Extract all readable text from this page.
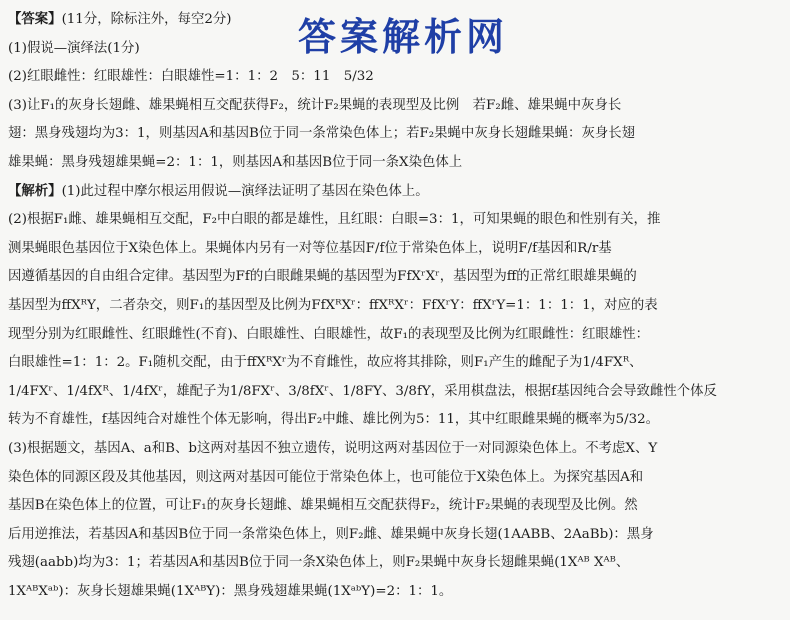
【答案】(11分，除标注外，每空2分)
(1)假说—演绎法(1分)
(2)红眼雌性：红眼雄性：白眼雄性=1：1：2　5：11　5/32
(3)让F₁的灰身长翅雌、雄果蝇相互交配获得F₂，统计F₂果蝇的表现型及比例　若F₂雌、雄果蝇中灰身长
翅：黑身残翅均为3：1，则基因A和基因B位于同一条常染色体上；若F₂果蝇中灰身长翅雌果蝇：灰身长翅
雄果蝇：黑身残翅雄果蝇=2：1：1，则基因A和基因B位于同一条X染色体上
【解析】(1)此过程中摩尔根运用假说—演绎法证明了基因在染色体上。
(2)根据F₁雌、雄果蝇相互交配，F₂中白眼的都是雄性，且红眼：白眼=3：1，可知果蝇的眼色和性别有关，推
测果蝇眼色基因位于X染色体上。果蝇体内另有一对等位基因F/f位于常染色体上，说明F/f基因和R/r基
因遵循基因的自由组合定律。基因型为Ff的白眼雌果蝇的基因型为FfXʳXʳ，基因型为ff的正常红眼雄果蝇的
基因型为ffXᴿY，二者杂交，则F₁的基因型及比例为FfXᴿXʳ：ffXᴿXʳ：FfXʳY：ffXʳY=1：1：1：1，对应的表
现型分别为红眼雌性、红眼雌性(不育)、白眼雄性、白眼雄性，故F₁的表现型及比例为红眼雌性：红眼雄性：
白眼雄性=1：1：2。F₁随机交配，由于ffXᴿXʳ为不育雌性，故应将其排除，则F₁产生的雌配子为1/4FXᴿ、
1/4FXʳ、1/4fXᴿ、1/4fXʳ，雄配子为1/8FXʳ、3/8fXʳ、1/8FY、3/8fY，采用棋盘法，根据f基因纯合会导致雌性个体反
转为不育雄性，f基因纯合对雄性个体无影响，得出F₂中雌、雄比例为5：11，其中红眼雌果蝇的概率为5/32。
(3)根据题文，基因A、a和B、b这两对基因不独立遗传，说明这两对基因位于一对同源染色体上。不考虑X、Y
染色体的同源区段及其他基因，则这两对基因可能位于常染色体上，也可能位于X染色体上。为探究基因A和
基因B在染色体上的位置，可让F₁的灰身长翅雌、雄果蝇相互交配获得F₂，统计F₂果蝇的表现型及比例。然
后用逆推法，若基因A和基因B位于同一条常染色体上，则F₂雌、雄果蝇中灰身长翅(1AABB、2AaBb)：黑身
残翅(aabb)均为3：1；若基因A和基因B位于同一条X染色体上，则F₂果蝇中灰身长翅雌果蝇(1Xᴬᴮ Xᴬᴮ、
1XᴬᴮXᵃᵇ)：灰身长翅雄果蝇(1XᴬᴮY)：黑身残翅雄果蝇(1XᵃᵇY)=2：1：1。
答案解析网
